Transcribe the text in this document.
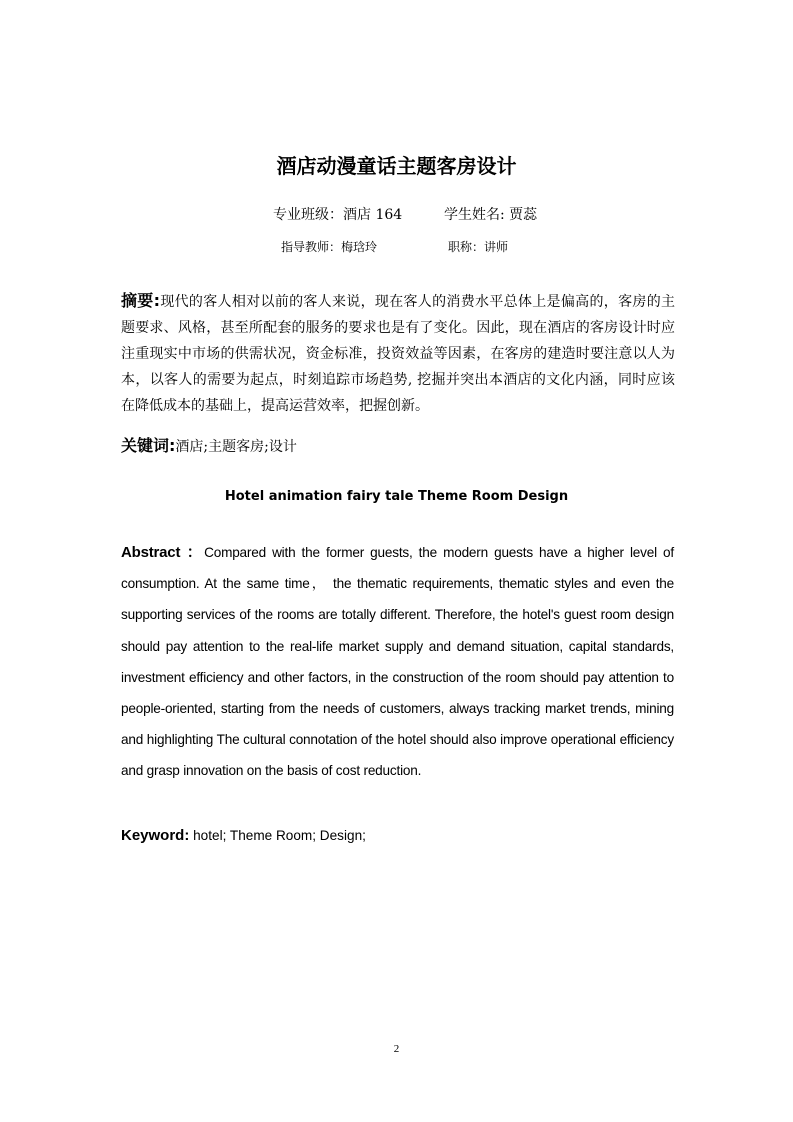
酒店动漫童话主题客房设计
专业班级：酒店 164	学生姓名: 贾蕊
指导教师：梅琀玲	职称：讲师
摘要:现代的客人相对以前的客人来说，现在客人的消费水平总体上是偏高的，客房的主题要求、风格，甚至所配套的服务的要求也是有了变化。因此，现在酒店的客房设计时应注重现实中市场的供需状况，资金标准，投资效益等因素，在客房的建造时要注意以人为本，以客人的需要为起点，时刻追踪市场趋势, 挖掘并突出本酒店的文化内涵，同时应该在降低成本的基础上，提高运营效率，把握创新。
关键词:酒店;主题客房;设计
Hotel animation fairy tale Theme Room Design
Abstract ：Compared with the former guests, the modern guests have a higher level of consumption. At the same time， the thematic requirements, thematic styles and even the supporting services of the rooms are totally different. Therefore, the hotel's guest room design should pay attention to the real-life market supply and demand situation, capital standards, investment efficiency and other factors, in the construction of the room should pay attention to people-oriented, starting from the needs of customers, always tracking market trends, mining and highlighting The cultural connotation of the hotel should also improve operational efficiency and grasp innovation on the basis of cost reduction.
Keyword: hotel; Theme Room; Design;
2
